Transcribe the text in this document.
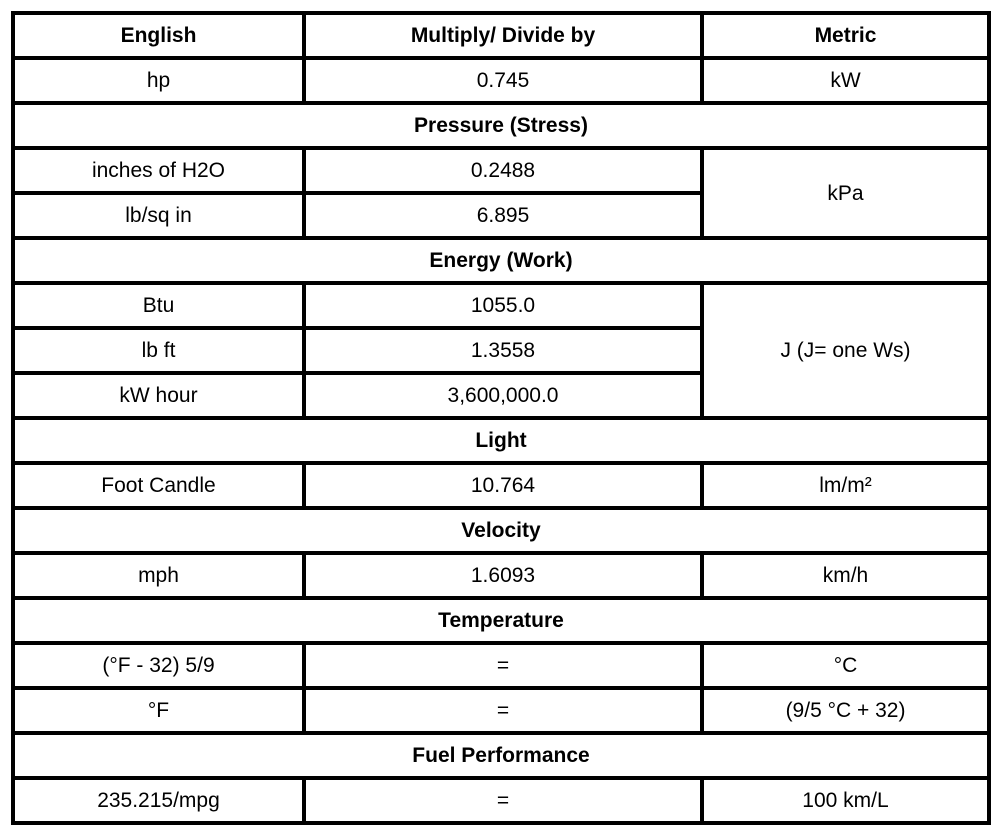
English	Multiply/ Divide by	Metric
hp	0.745	kW
Pressure (Stress)		
inches of H2O	0.2488	kPa
lb/sq in	6.895	
Energy (Work)		
Btu	1055.0	J (J= one Ws)
lb ft	1.3558	
kW hour	3,600,000.0	
Light		
Foot Candle	10.764	lm/m²
Velocity		
mph	1.6093	km/h
Temperature		
(°F - 32) 5/9	=	°C
°F	=	(9/5 °C + 32)
Fuel Performance		
235.215/mpg	=	100 km/L
